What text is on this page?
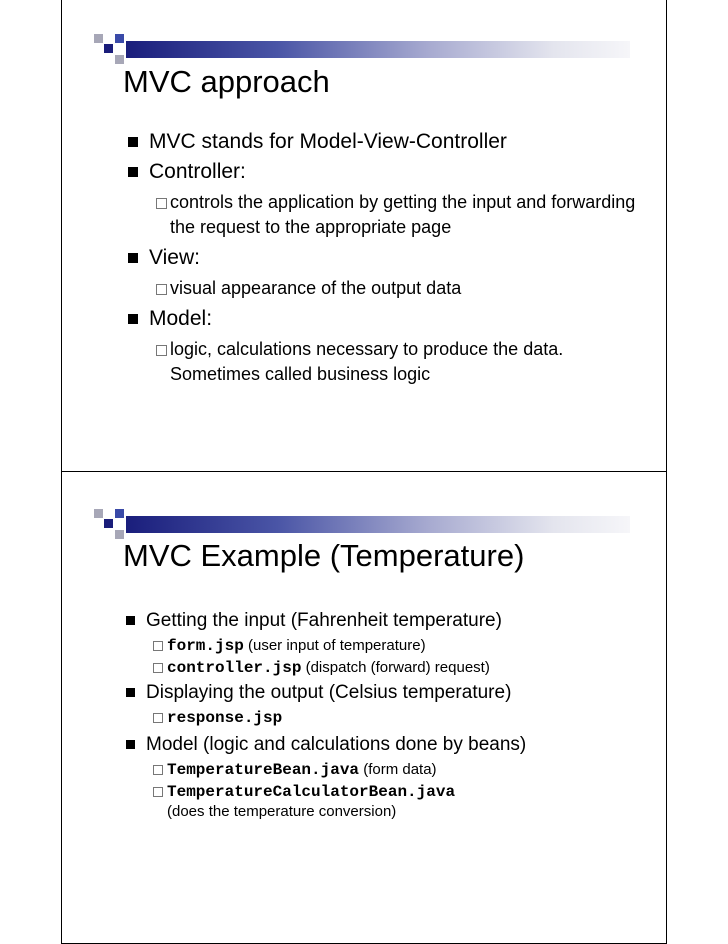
MVC approach
MVC stands for Model-View-Controller
Controller:
controls the application by getting the input and forwarding the request to the appropriate page
View:
visual appearance of the output data
Model:
logic, calculations necessary to produce the data. Sometimes called business logic
MVC Example (Temperature)
Getting the input (Fahrenheit temperature)
form.jsp (user input of temperature)
controller.jsp (dispatch (forward) request)
Displaying the output (Celsius temperature)
response.jsp
Model (logic and calculations done by beans)
TemperatureBean.java (form data)
TemperatureCalculatorBean.java
(does the temperature conversion)
